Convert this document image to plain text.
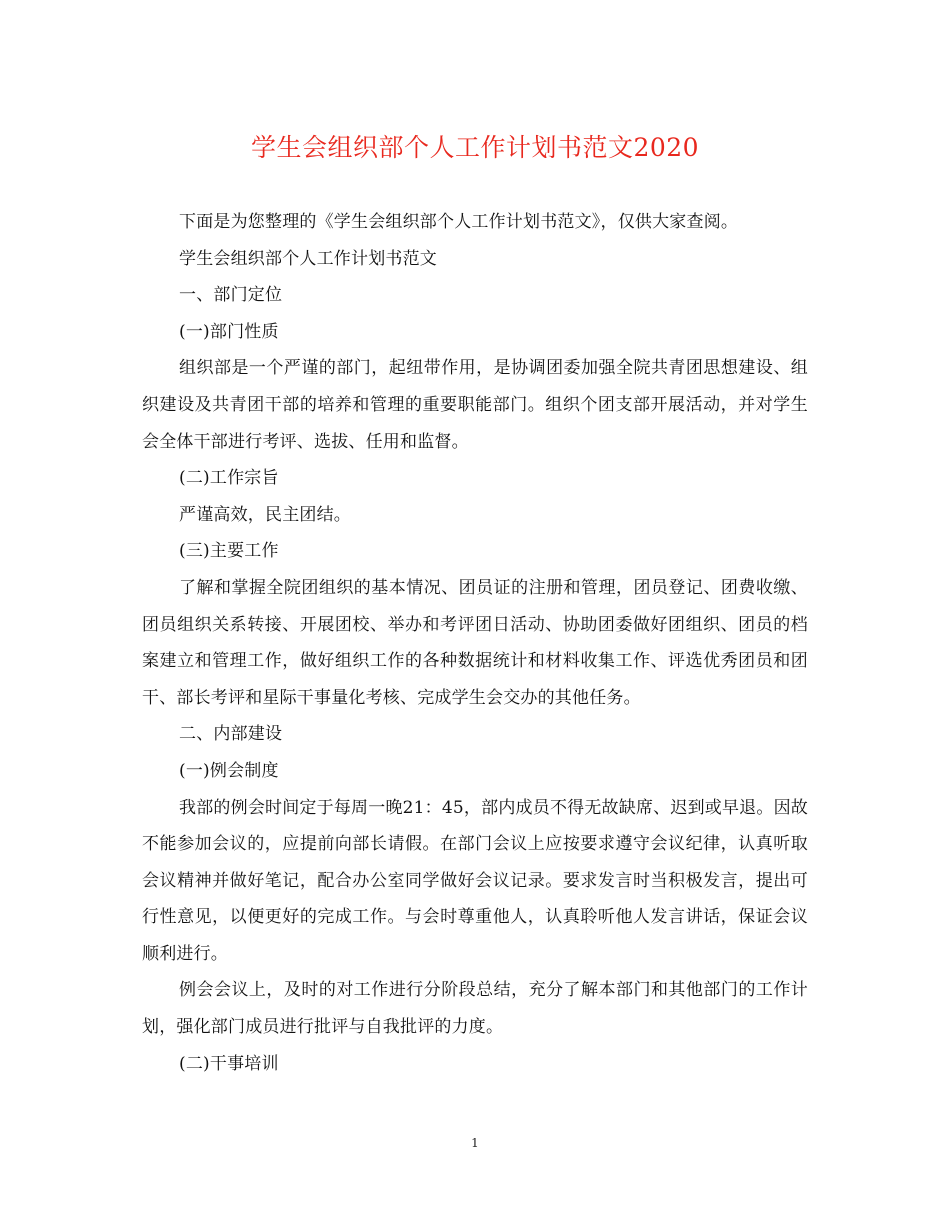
学生会组织部个人工作计划书范文2020

下面是为您整理的《学生会组织部个人工作计划书范文》，仅供大家查阅。

学生会组织部个人工作计划书范文

一、部门定位

(一)部门性质

组织部是一个严谨的部门，起纽带作用，是协调团委加强全院共青团思想建设、组织建设及共青团干部的培养和管理的重要职能部门。组织个团支部开展活动，并对学生会全体干部进行考评、选拔、任用和监督。

(二)工作宗旨

严谨高效，民主团结。

(三)主要工作

了解和掌握全院团组织的基本情况、团员证的注册和管理，团员登记、团费收缴、团员组织关系转接、开展团校、举办和考评团日活动、协助团委做好团组织、团员的档案建立和管理工作，做好组织工作的各种数据统计和材料收集工作、评选优秀团员和团干、部长考评和星际干事量化考核、完成学生会交办的其他任务。

二、内部建设

(一)例会制度

我部的例会时间定于每周一晚21：45，部内成员不得无故缺席、迟到或早退。因故不能参加会议的，应提前向部长请假。在部门会议上应按要求遵守会议纪律，认真听取会议精神并做好笔记，配合办公室同学做好会议记录。要求发言时当积极发言，提出可行性意见，以便更好的完成工作。与会时尊重他人，认真聆听他人发言讲话，保证会议顺利进行。

例会会议上，及时的对工作进行分阶段总结，充分了解本部门和其他部门的工作计划，强化部门成员进行批评与自我批评的力度。

(二)干事培训

1
